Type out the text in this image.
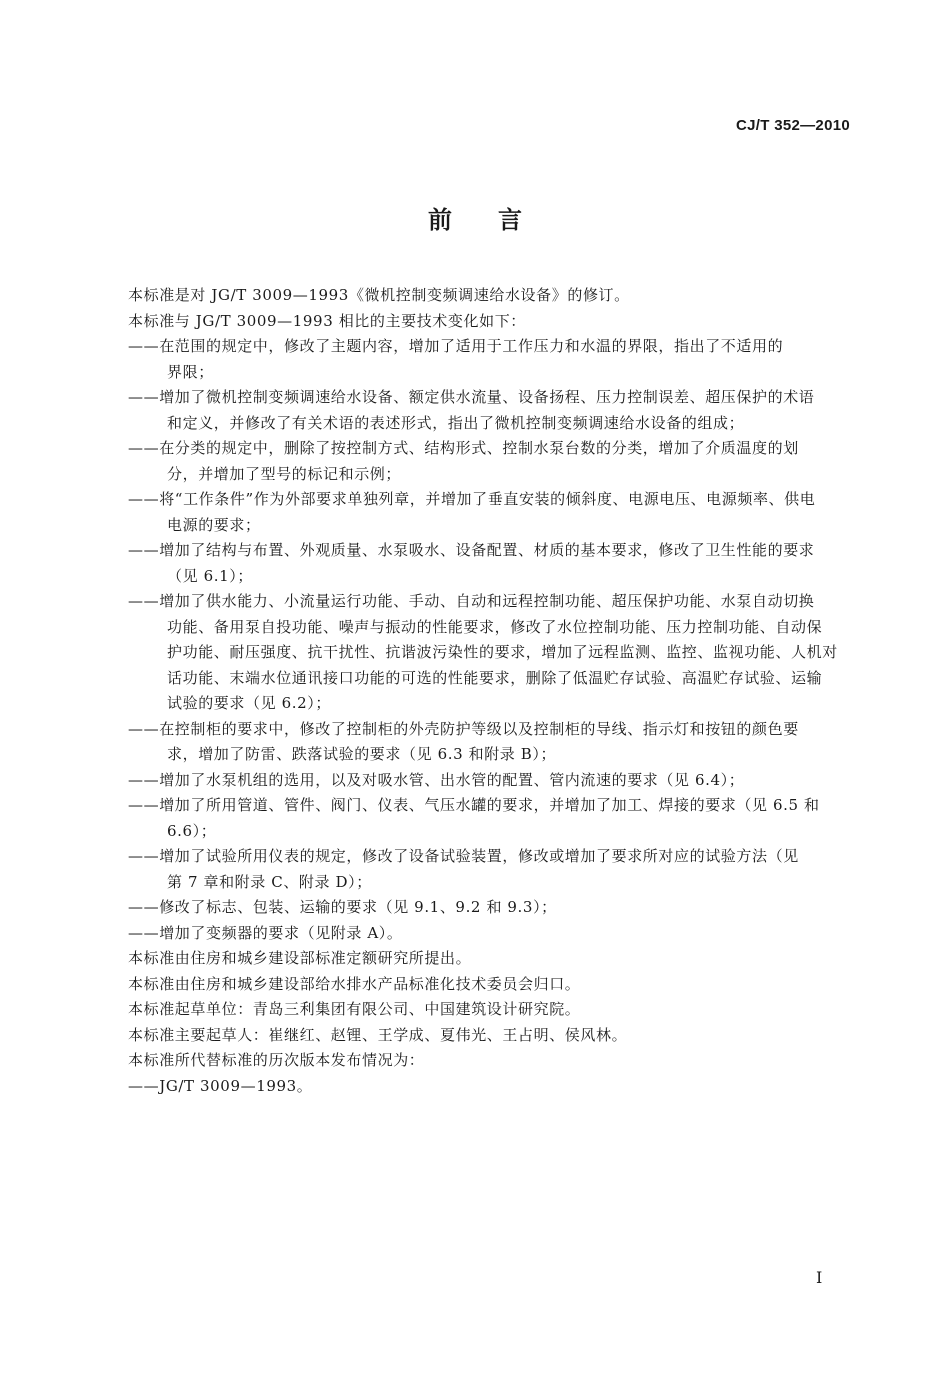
CJ/T 352—2010
前言
本标准是对 JG/T 3009—1993《微机控制变频调速给水设备》的修订。
本标准与 JG/T 3009—1993 相比的主要技术变化如下：
——在范围的规定中，修改了主题内容，增加了适用于工作压力和水温的界限，指出了不适用的
界限；
——增加了微机控制变频调速给水设备、额定供水流量、设备扬程、压力控制误差、超压保护的术语
和定义，并修改了有关术语的表述形式，指出了微机控制变频调速给水设备的组成；
——在分类的规定中，删除了按控制方式、结构形式、控制水泵台数的分类，增加了介质温度的划
分，并增加了型号的标记和示例；
——将“工作条件”作为外部要求单独列章，并增加了垂直安装的倾斜度、电源电压、电源频率、供电
电源的要求；
——增加了结构与布置、外观质量、水泵吸水、设备配置、材质的基本要求，修改了卫生性能的要求
（见 6.1）；
——增加了供水能力、小流量运行功能、手动、自动和远程控制功能、超压保护功能、水泵自动切换
功能、备用泵自投功能、噪声与振动的性能要求，修改了水位控制功能、压力控制功能、自动保
护功能、耐压强度、抗干扰性、抗谐波污染性的要求，增加了远程监测、监控、监视功能、人机对
话功能、末端水位通讯接口功能的可选的性能要求，删除了低温贮存试验、高温贮存试验、运输
试验的要求（见 6.2）；
——在控制柜的要求中，修改了控制柜的外壳防护等级以及控制柜的导线、指示灯和按钮的颜色要
求，增加了防雷、跌落试验的要求（见 6.3 和附录 B）；
——增加了水泵机组的选用，以及对吸水管、出水管的配置、管内流速的要求（见 6.4）；
——增加了所用管道、管件、阀门、仪表、气压水罐的要求，并增加了加工、焊接的要求（见 6.5 和
6.6）；
——增加了试验所用仪表的规定，修改了设备试验装置，修改或增加了要求所对应的试验方法（见
第 7 章和附录 C、附录 D）；
——修改了标志、包装、运输的要求（见 9.1、9.2 和 9.3）；
——增加了变频器的要求（见附录 A）。
本标准由住房和城乡建设部标准定额研究所提出。
本标准由住房和城乡建设部给水排水产品标准化技术委员会归口。
本标准起草单位：青岛三利集团有限公司、中国建筑设计研究院。
本标准主要起草人：崔继红、赵锂、王学成、夏伟光、王占明、侯风林。
本标准所代替标准的历次版本发布情况为：
——JG/T 3009—1993。
I
